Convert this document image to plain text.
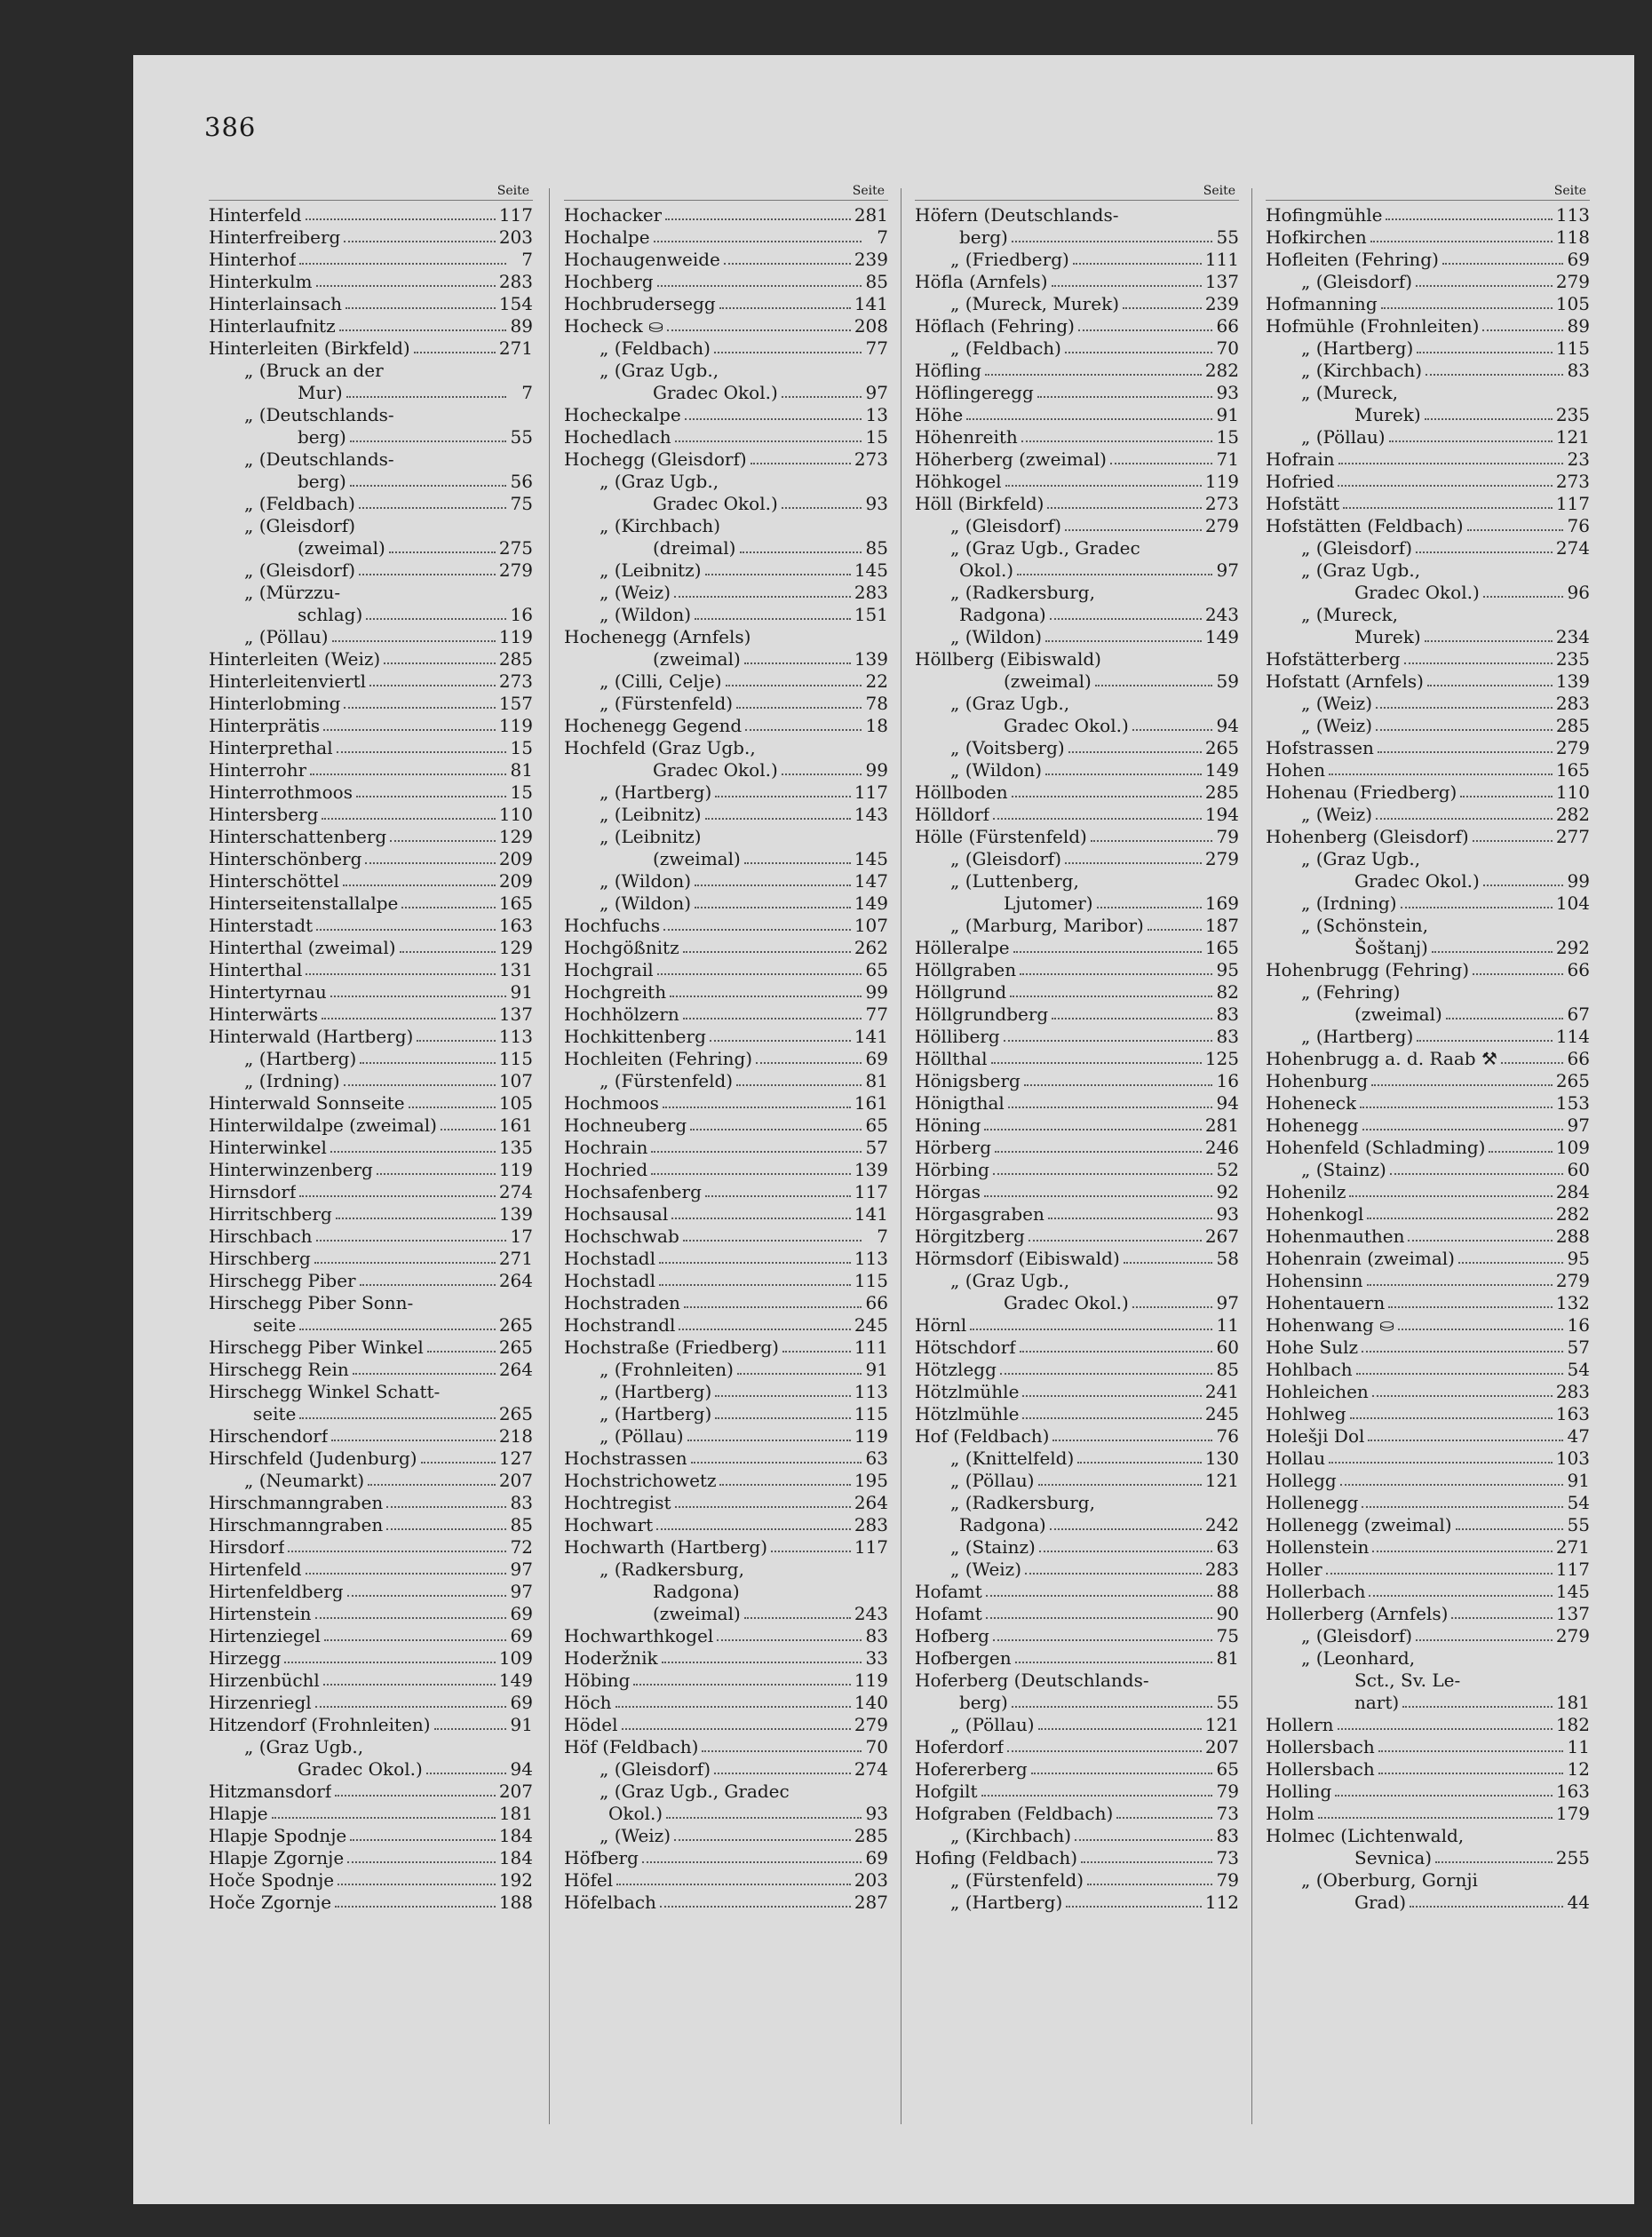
386
Seite
Hinterfeld	117
Hinterfreiberg	203
Hinterhof	7
Hinterkulm	283
Hinterlainsach	154
Hinterlaufnitz	89
Hinterleiten (Birkfeld)	271
„ (Bruck an der
Mur)	7
„ (Deutschlands-
berg)	55
„ (Deutschlands-
berg)	56
„ (Feldbach)	75
„ (Gleisdorf)
(zweimal)	275
„ (Gleisdorf)	279
„ (Mürzzu-
schlag)	16
„ (Pöllau)	119
Hinterleiten (Weiz)	285
Hinterleitenviertl	273
Hinterlobming	157
Hinterprätis	119
Hinterprethal	15
Hinterrohr	81
Hinterrothmoos	15
Hintersberg	110
Hinterschattenberg	129
Hinterschönberg	209
Hinterschöttel	209
Hinterseitenstallalpe	165
Hinterstadt	163
Hinterthal (zweimal)	129
Hinterthal	131
Hintertyrnau	91
Hinterwärts	137
Hinterwald (Hartberg)	113
„ (Hartberg)	115
„ (Irdning)	107
Hinterwald Sonnseite	105
Hinterwildalpe (zweimal)	161
Hinterwinkel	135
Hinterwinzenberg	119
Hirnsdorf	274
Hirritschberg	139
Hirschbach	17
Hirschberg	271
Hirschegg Piber	264
Hirschegg Piber Sonn-
seite	265
Hirschegg Piber Winkel	265
Hirschegg Rein	264
Hirschegg Winkel Schatt-
seite	265
Hirschendorf	218
Hirschfeld (Judenburg)	127
„ (Neumarkt)	207
Hirschmanngraben	83
Hirschmanngraben	85
Hirsdorf	72
Hirtenfeld	97
Hirtenfeldberg	97
Hirtenstein	69
Hirtenziegel	69
Hirzegg	109
Hirzenbüchl	149
Hirzenriegl	69
Hitzendorf (Frohnleiten)	91
„ (Graz Ugb.,
Gradec Okol.)	94
Hitzmansdorf	207
Hlapje	181
Hlapje Spodnje	184
Hlapje Zgornje	184
Hoče Spodnje	192
Hoče Zgornje	188
Seite
Hochacker	281
Hochalpe	7
Hochaugenweide	239
Hochberg	85
Hochbrudersegg	141
Hocheck ⛀	208
„ (Feldbach)	77
„ (Graz Ugb.,
Gradec Okol.)	97
Hocheckalpe	13
Hochedlach	15
Hochegg (Gleisdorf)	273
„ (Graz Ugb.,
Gradec Okol.)	93
„ (Kirchbach)
(dreimal)	85
„ (Leibnitz)	145
„ (Weiz)	283
„ (Wildon)	151
Hochenegg (Arnfels)
(zweimal)	139
„ (Cilli, Celje)	22
„ (Fürstenfeld)	78
Hochenegg Gegend	18
Hochfeld (Graz Ugb.,
Gradec Okol.)	99
„ (Hartberg)	117
„ (Leibnitz)	143
„ (Leibnitz)
(zweimal)	145
„ (Wildon)	147
„ (Wildon)	149
Hochfuchs	107
Hochgößnitz	262
Hochgrail	65
Hochgreith	99
Hochhölzern	77
Hochkittenberg	141
Hochleiten (Fehring)	69
„ (Fürstenfeld)	81
Hochmoos	161
Hochneuberg	65
Hochrain	57
Hochried	139
Hochsafenberg	117
Hochsausal	141
Hochschwab	7
Hochstadl	113
Hochstadl	115
Hochstraden	66
Hochstrandl	245
Hochstraße (Friedberg)	111
„ (Frohnleiten)	91
„ (Hartberg)	113
„ (Hartberg)	115
„ (Pöllau)	119
Hochstrassen	63
Hochstrichowetz	195
Hochtregist	264
Hochwart	283
Hochwarth (Hartberg)	117
„ (Radkersburg,
Radgona)
(zweimal)	243
Hochwarthkogel	83
Hoderžnik	33
Höbing	119
Höch	140
Hödel	279
Höf (Feldbach)	70
„ (Gleisdorf)	274
„ (Graz Ugb., Gradec
Okol.)	93
„ (Weiz)	285
Höfberg	69
Höfel	203
Höfelbach	287
Seite
Höfern (Deutschlands-
berg)	55
„ (Friedberg)	111
Höfla (Arnfels)	137
„ (Mureck, Murek)	239
Höflach (Fehring)	66
„ (Feldbach)	70
Höfling	282
Höflingeregg	93
Höhe	91
Höhenreith	15
Höherberg (zweimal)	71
Höhkogel	119
Höll (Birkfeld)	273
„ (Gleisdorf)	279
„ (Graz Ugb., Gradec
Okol.)	97
„ (Radkersburg,
Radgona)	243
„ (Wildon)	149
Höllberg (Eibiswald)
(zweimal)	59
„ (Graz Ugb.,
Gradec Okol.)	94
„ (Voitsberg)	265
„ (Wildon)	149
Höllboden	285
Hölldorf	194
Hölle (Fürstenfeld)	79
„ (Gleisdorf)	279
„ (Luttenberg,
Ljutomer)	169
„ (Marburg, Maribor)	187
Hölleralpe	165
Höllgraben	95
Höllgrund	82
Höllgrundberg	83
Hölliberg	83
Höllthal	125
Hönigsberg	16
Hönigthal	94
Höning	281
Hörberg	246
Hörbing	52
Hörgas	92
Hörgasgraben	93
Hörgitzberg	267
Hörmsdorf (Eibiswald)	58
„ (Graz Ugb.,
Gradec Okol.)	97
Hörnl	11
Hötschdorf	60
Hötzlegg	85
Hötzlmühle	241
Hötzlmühle	245
Hof (Feldbach)	76
„ (Knittelfeld)	130
„ (Pöllau)	121
„ (Radkersburg,
Radgona)	242
„ (Stainz)	63
„ (Weiz)	283
Hofamt	88
Hofamt	90
Hofberg	75
Hofbergen	81
Hoferberg (Deutschlands-
berg)	55
„ (Pöllau)	121
Hoferdorf	207
Hofererberg	65
Hofgilt	79
Hofgraben (Feldbach)	73
„ (Kirchbach)	83
Hofing (Feldbach)	73
„ (Fürstenfeld)	79
„ (Hartberg)	112
Seite
Hofingmühle	113
Hofkirchen	118
Hofleiten (Fehring)	69
„ (Gleisdorf)	279
Hofmanning	105
Hofmühle (Frohnleiten)	89
„ (Hartberg)	115
„ (Kirchbach)	83
„ (Mureck,
Murek)	235
„ (Pöllau)	121
Hofrain	23
Hofried	273
Hofstätt	117
Hofstätten (Feldbach)	76
„ (Gleisdorf)	274
„ (Graz Ugb.,
Gradec Okol.)	96
„ (Mureck,
Murek)	234
Hofstätterberg	235
Hofstatt (Arnfels)	139
„ (Weiz)	283
„ (Weiz)	285
Hofstrassen	279
Hohen	165
Hohenau (Friedberg)	110
„ (Weiz)	282
Hohenberg (Gleisdorf)	277
„ (Graz Ugb.,
Gradec Okol.)	99
„ (Irdning)	104
„ (Schönstein,
Šoštanj)	292
Hohenbrugg (Fehring)	66
„ (Fehring)
(zweimal)	67
„ (Hartberg)	114
Hohenbrugg a. d. Raab ⚒	66
Hohenburg	265
Hoheneck	153
Hohenegg	97
Hohenfeld (Schladming)	109
„ (Stainz)	60
Hohenilz	284
Hohenkogl	282
Hohenmauthen	288
Hohenrain (zweimal)	95
Hohensinn	279
Hohentauern	132
Hohenwang ⛀	16
Hohe Sulz	57
Hohlbach	54
Hohleichen	283
Hohlweg	163
Holešji Dol	47
Hollau	103
Hollegg	91
Hollenegg	54
Hollenegg (zweimal)	55
Hollenstein	271
Holler	117
Hollerbach	145
Hollerberg (Arnfels)	137
„ (Gleisdorf)	279
„ (Leonhard,
Sct., Sv. Le-
nart)	181
Hollern	182
Hollersbach	11
Hollersbach	12
Holling	163
Holm	179
Holmec (Lichtenwald,
Sevnica)	255
„ (Oberburg, Gornji
Grad)	44
